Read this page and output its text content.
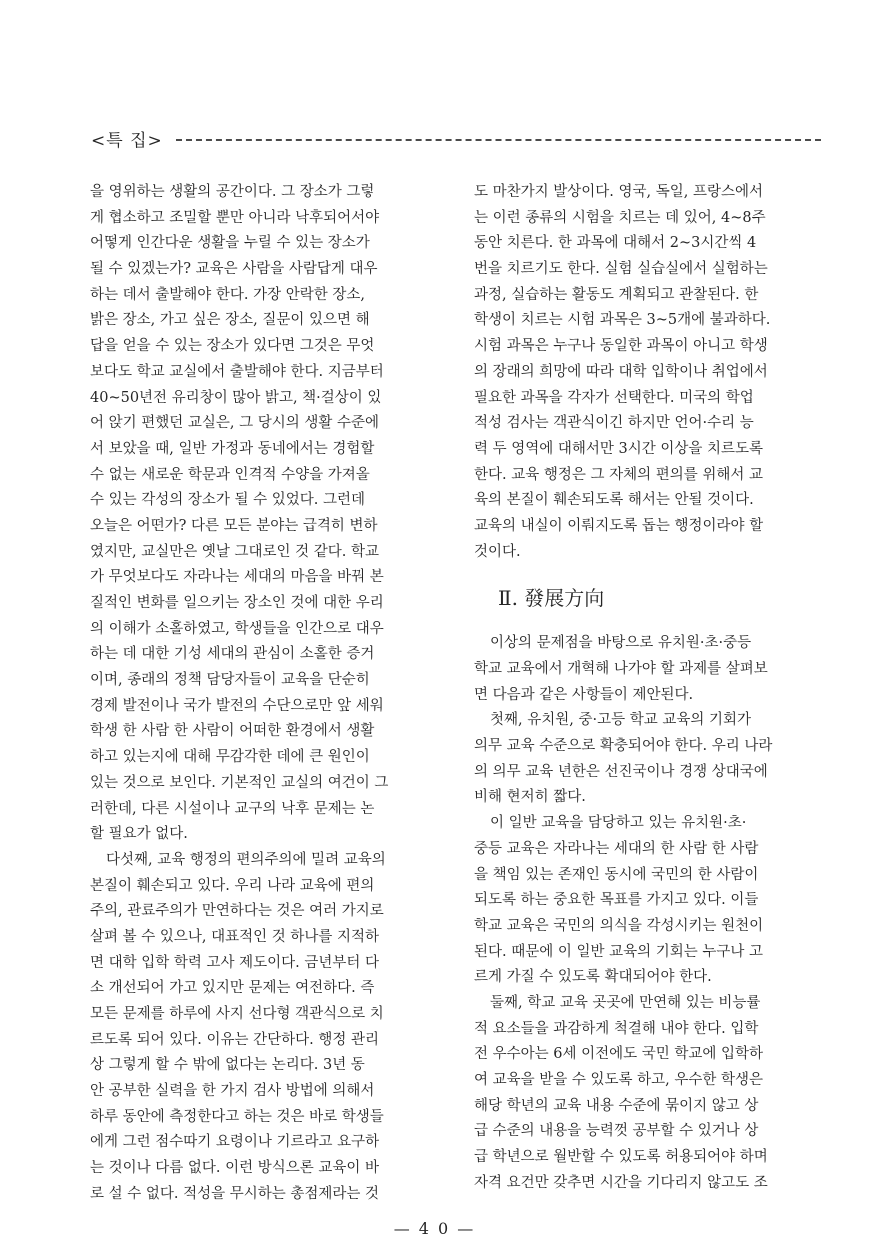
<특 집>
을 영위하는 생활의 공간이다. 그 장소가 그렇
게 협소하고 조밀할 뿐만 아니라 낙후되어서야
어떻게 인간다운 생활을 누릴 수 있는 장소가
될 수 있겠는가? 교육은 사람을 사람답게 대우
하는 데서 출발해야 한다. 가장 안락한 장소,
밝은 장소, 가고 싶은 장소, 질문이 있으면 해
답을 얻을 수 있는 장소가 있다면 그것은 무엇
보다도 학교 교실에서 출발해야 한다. 지금부터
40~50년전 유리창이 많아 밝고, 책·걸상이 있
어 앉기 편했던 교실은, 그 당시의 생활 수준에
서 보았을 때, 일반 가정과 동네에서는 경험할
수 없는 새로운 학문과 인격적 수양을 가져올
수 있는 각성의 장소가 될 수 있었다. 그런데
오늘은 어떤가? 다른 모든 분야는 급격히 변하
였지만, 교실만은 옛날 그대로인 것 같다. 학교
가 무엇보다도 자라나는 세대의 마음을 바꿔 본
질적인 변화를 일으키는 장소인 것에 대한 우리
의 이해가 소홀하였고, 학생들을 인간으로 대우
하는 데 대한 기성 세대의 관심이 소홀한 증거
이며, 종래의 정책 담당자들이 교육을 단순히
경제 발전이나 국가 발전의 수단으로만 앞 세워
학생 한 사람 한 사람이 어떠한 환경에서 생활
하고 있는지에 대해 무감각한 데에 큰 원인이
있는 것으로 보인다. 기본적인 교실의 여건이 그
러한데, 다른 시설이나 교구의 낙후 문제는 논
할 필요가 없다.
다섯째, 교육 행정의 편의주의에 밀려 교육의
본질이 훼손되고 있다. 우리 나라 교육에 편의
주의, 관료주의가 만연하다는 것은 여러 가지로
살펴 볼 수 있으나, 대표적인 것 하나를 지적하
면 대학 입학 학력 고사 제도이다. 금년부터 다
소 개선되어 가고 있지만 문제는 여전하다. 즉
모든 문제를 하루에 사지 선다형 객관식으로 치
르도록 되어 있다. 이유는 간단하다. 행정 관리
상 그렇게 할 수 밖에 없다는 논리다. 3년 동
안 공부한 실력을 한 가지 검사 방법에 의해서
하루 동안에 측정한다고 하는 것은 바로 학생들
에게 그런 점수따기 요령이나 기르라고 요구하
는 것이나 다름 없다. 이런 방식으론 교육이 바
로 설 수 없다. 적성을 무시하는 총점제라는 것
도 마찬가지 발상이다. 영국, 독일, 프랑스에서
는 이런 종류의 시험을 치르는 데 있어, 4~8주
동안 치른다. 한 과목에 대해서 2~3시간씩 4
번을 치르기도 한다. 실험 실습실에서 실험하는
과정, 실습하는 활동도 계획되고 관찰된다. 한
학생이 치르는 시험 과목은 3~5개에 불과하다.
시험 과목은 누구나 동일한 과목이 아니고 학생
의 장래의 희망에 따라 대학 입학이나 취업에서
필요한 과목을 각자가 선택한다. 미국의 학업
적성 검사는 객관식이긴 하지만 언어·수리 능
력 두 영역에 대해서만 3시간 이상을 치르도록
한다. 교육 행정은 그 자체의 편의를 위해서 교
육의 본질이 훼손되도록 해서는 안될 것이다.
교육의 내실이 이뤄지도록 돕는 행정이라야 할
것이다.
Ⅱ. 發展方向
이상의 문제점을 바탕으로 유치원·초·중등
학교 교육에서 개혁해 나가야 할 과제를 살펴보
면 다음과 같은 사항들이 제안된다.
첫째, 유치원, 중·고등 학교 교육의 기회가
의무 교육 수준으로 확충되어야 한다. 우리 나라
의 의무 교육 년한은 선진국이나 경쟁 상대국에
비해 현저히 짧다.
이 일반 교육을 담당하고 있는 유치원·초·
중등 교육은 자라나는 세대의 한 사람 한 사람
을 책임 있는 존재인 동시에 국민의 한 사람이
되도록 하는 중요한 목표를 가지고 있다. 이들
학교 교육은 국민의 의식을 각성시키는 원천이
된다. 때문에 이 일반 교육의 기회는 누구나 고
르게 가질 수 있도록 확대되어야 한다.
둘째, 학교 교육 곳곳에 만연해 있는 비능률
적 요소들을 과감하게 척결해 내야 한다. 입학
전 우수아는 6세 이전에도 국민 학교에 입학하
여 교육을 받을 수 있도록 하고, 우수한 학생은
해당 학년의 교육 내용 수준에 묶이지 않고 상
급 수준의 내용을 능력껏 공부할 수 있거나 상
급 학년으로 월반할 수 있도록 허용되어야 하며
자격 요건만 갖추면 시간을 기다리지 않고도 조
— 4 0 —
